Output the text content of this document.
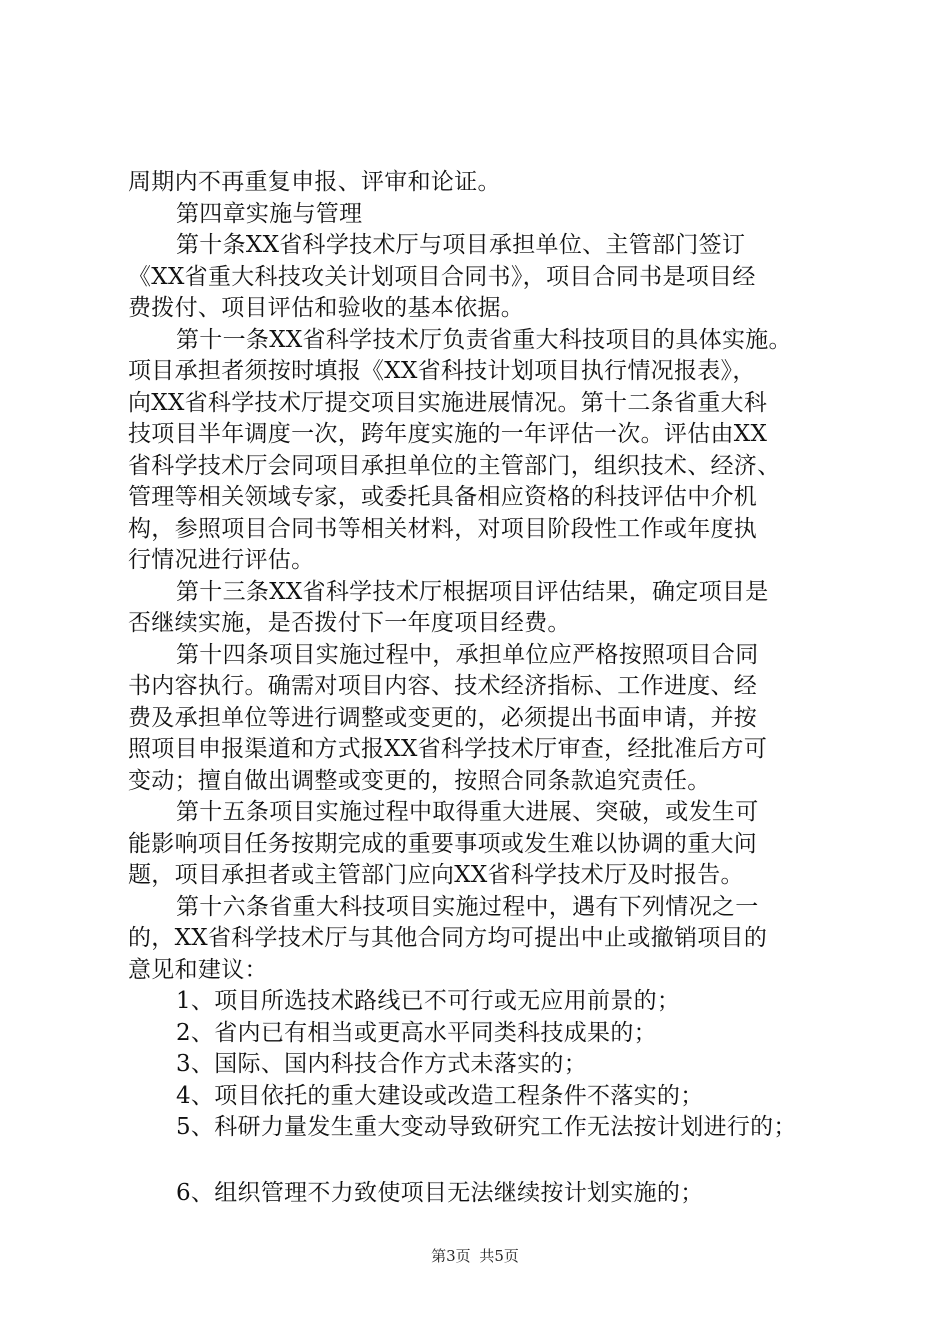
周期内不再重复申报、评审和论证。
第四章实施与管理
第十条XX省科学技术厅与项目承担单位、主管部门签订
《XX省重大科技攻关计划项目合同书》，项目合同书是项目经
费拨付、项目评估和验收的基本依据。
第十一条XX省科学技术厅负责省重大科技项目的具体实施。
项目承担者须按时填报《XX省科技计划项目执行情况报表》，
向XX省科学技术厅提交项目实施进展情况。第十二条省重大科
技项目半年调度一次，跨年度实施的一年评估一次。评估由XX
省科学技术厅会同项目承担单位的主管部门，组织技术、经济、
管理等相关领域专家，或委托具备相应资格的科技评估中介机
构，参照项目合同书等相关材料，对项目阶段性工作或年度执
行情况进行评估。
第十三条XX省科学技术厅根据项目评估结果，确定项目是
否继续实施，是否拨付下一年度项目经费。
第十四条项目实施过程中，承担单位应严格按照项目合同
书内容执行。确需对项目内容、技术经济指标、工作进度、经
费及承担单位等进行调整或变更的，必须提出书面申请，并按
照项目申报渠道和方式报XX省科学技术厅审查，经批准后方可
变动；擅自做出调整或变更的，按照合同条款追究责任。
第十五条项目实施过程中取得重大进展、突破，或发生可
能影响项目任务按期完成的重要事项或发生难以协调的重大问
题，项目承担者或主管部门应向XX省科学技术厅及时报告。
第十六条省重大科技项目实施过程中，遇有下列情况之一
的，XX省科学技术厅与其他合同方均可提出中止或撤销项目的
意见和建议：
1、项目所选技术路线已不可行或无应用前景的；
2、省内已有相当或更高水平同类科技成果的；
3、国际、国内科技合作方式未落实的；
4、项目依托的重大建设或改造工程条件不落实的；
5、科研力量发生重大变动导致研究工作无法按计划进行的；
6、组织管理不力致使项目无法继续按计划实施的；
第3页 共5页
